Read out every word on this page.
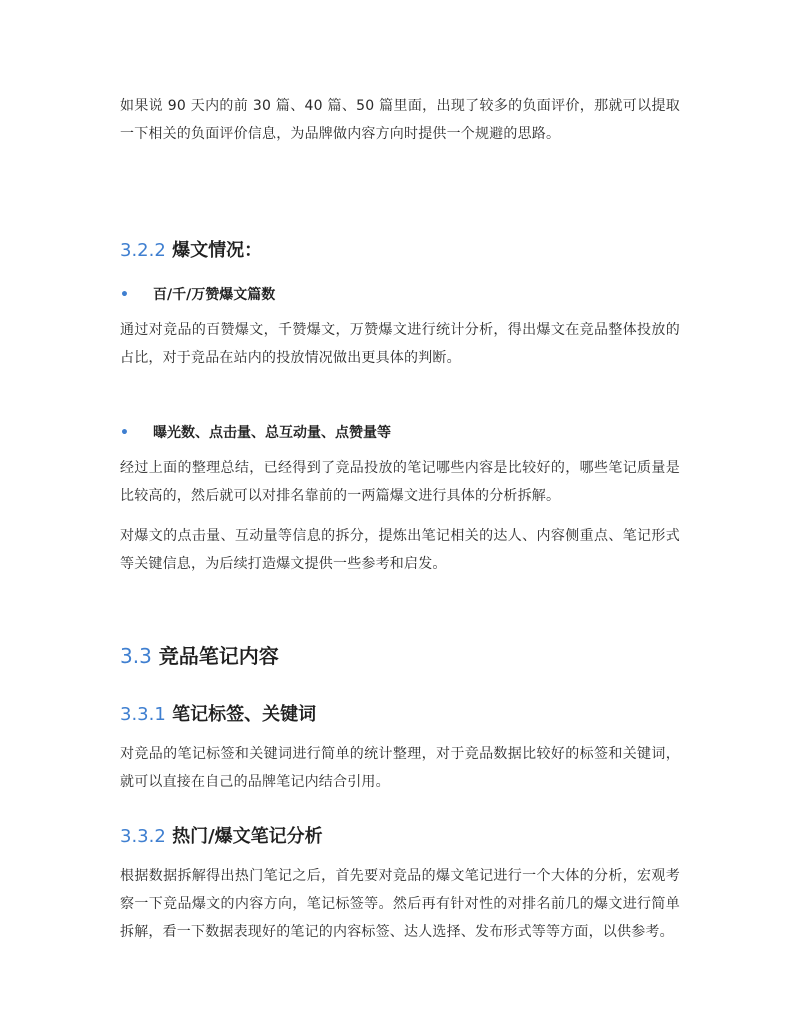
如果说 90 天内的前 30 篇、40 篇、50 篇里面，出现了较多的负面评价，那就可以提取一下相关的负面评价信息，为品牌做内容方向时提供一个规避的思路。

3.2.2 爆文情况：

• 百/千/万赞爆文篇数

通过对竞品的百赞爆文，千赞爆文，万赞爆文进行统计分析，得出爆文在竞品整体投放的占比，对于竞品在站内的投放情况做出更具体的判断。

• 曝光数、点击量、总互动量、点赞量等

经过上面的整理总结，已经得到了竞品投放的笔记哪些内容是比较好的，哪些笔记质量是比较高的，然后就可以对排名靠前的一两篇爆文进行具体的分析拆解。

对爆文的点击量、互动量等信息的拆分，提炼出笔记相关的达人、内容侧重点、笔记形式等关键信息，为后续打造爆文提供一些参考和启发。

3.3 竞品笔记内容
3.3.1 笔记标签、关键词

对竞品的笔记标签和关键词进行简单的统计整理，对于竞品数据比较好的标签和关键词，就可以直接在自己的品牌笔记内结合引用。

3.3.2 热门/爆文笔记分析

根据数据拆解得出热门笔记之后，首先要对竞品的爆文笔记进行一个大体的分析，宏观考察一下竞品爆文的内容方向，笔记标签等。然后再有针对性的对排名前几的爆文进行简单拆解，看一下数据表现好的笔记的内容标签、达人选择、发布形式等等方面，以供参考。
